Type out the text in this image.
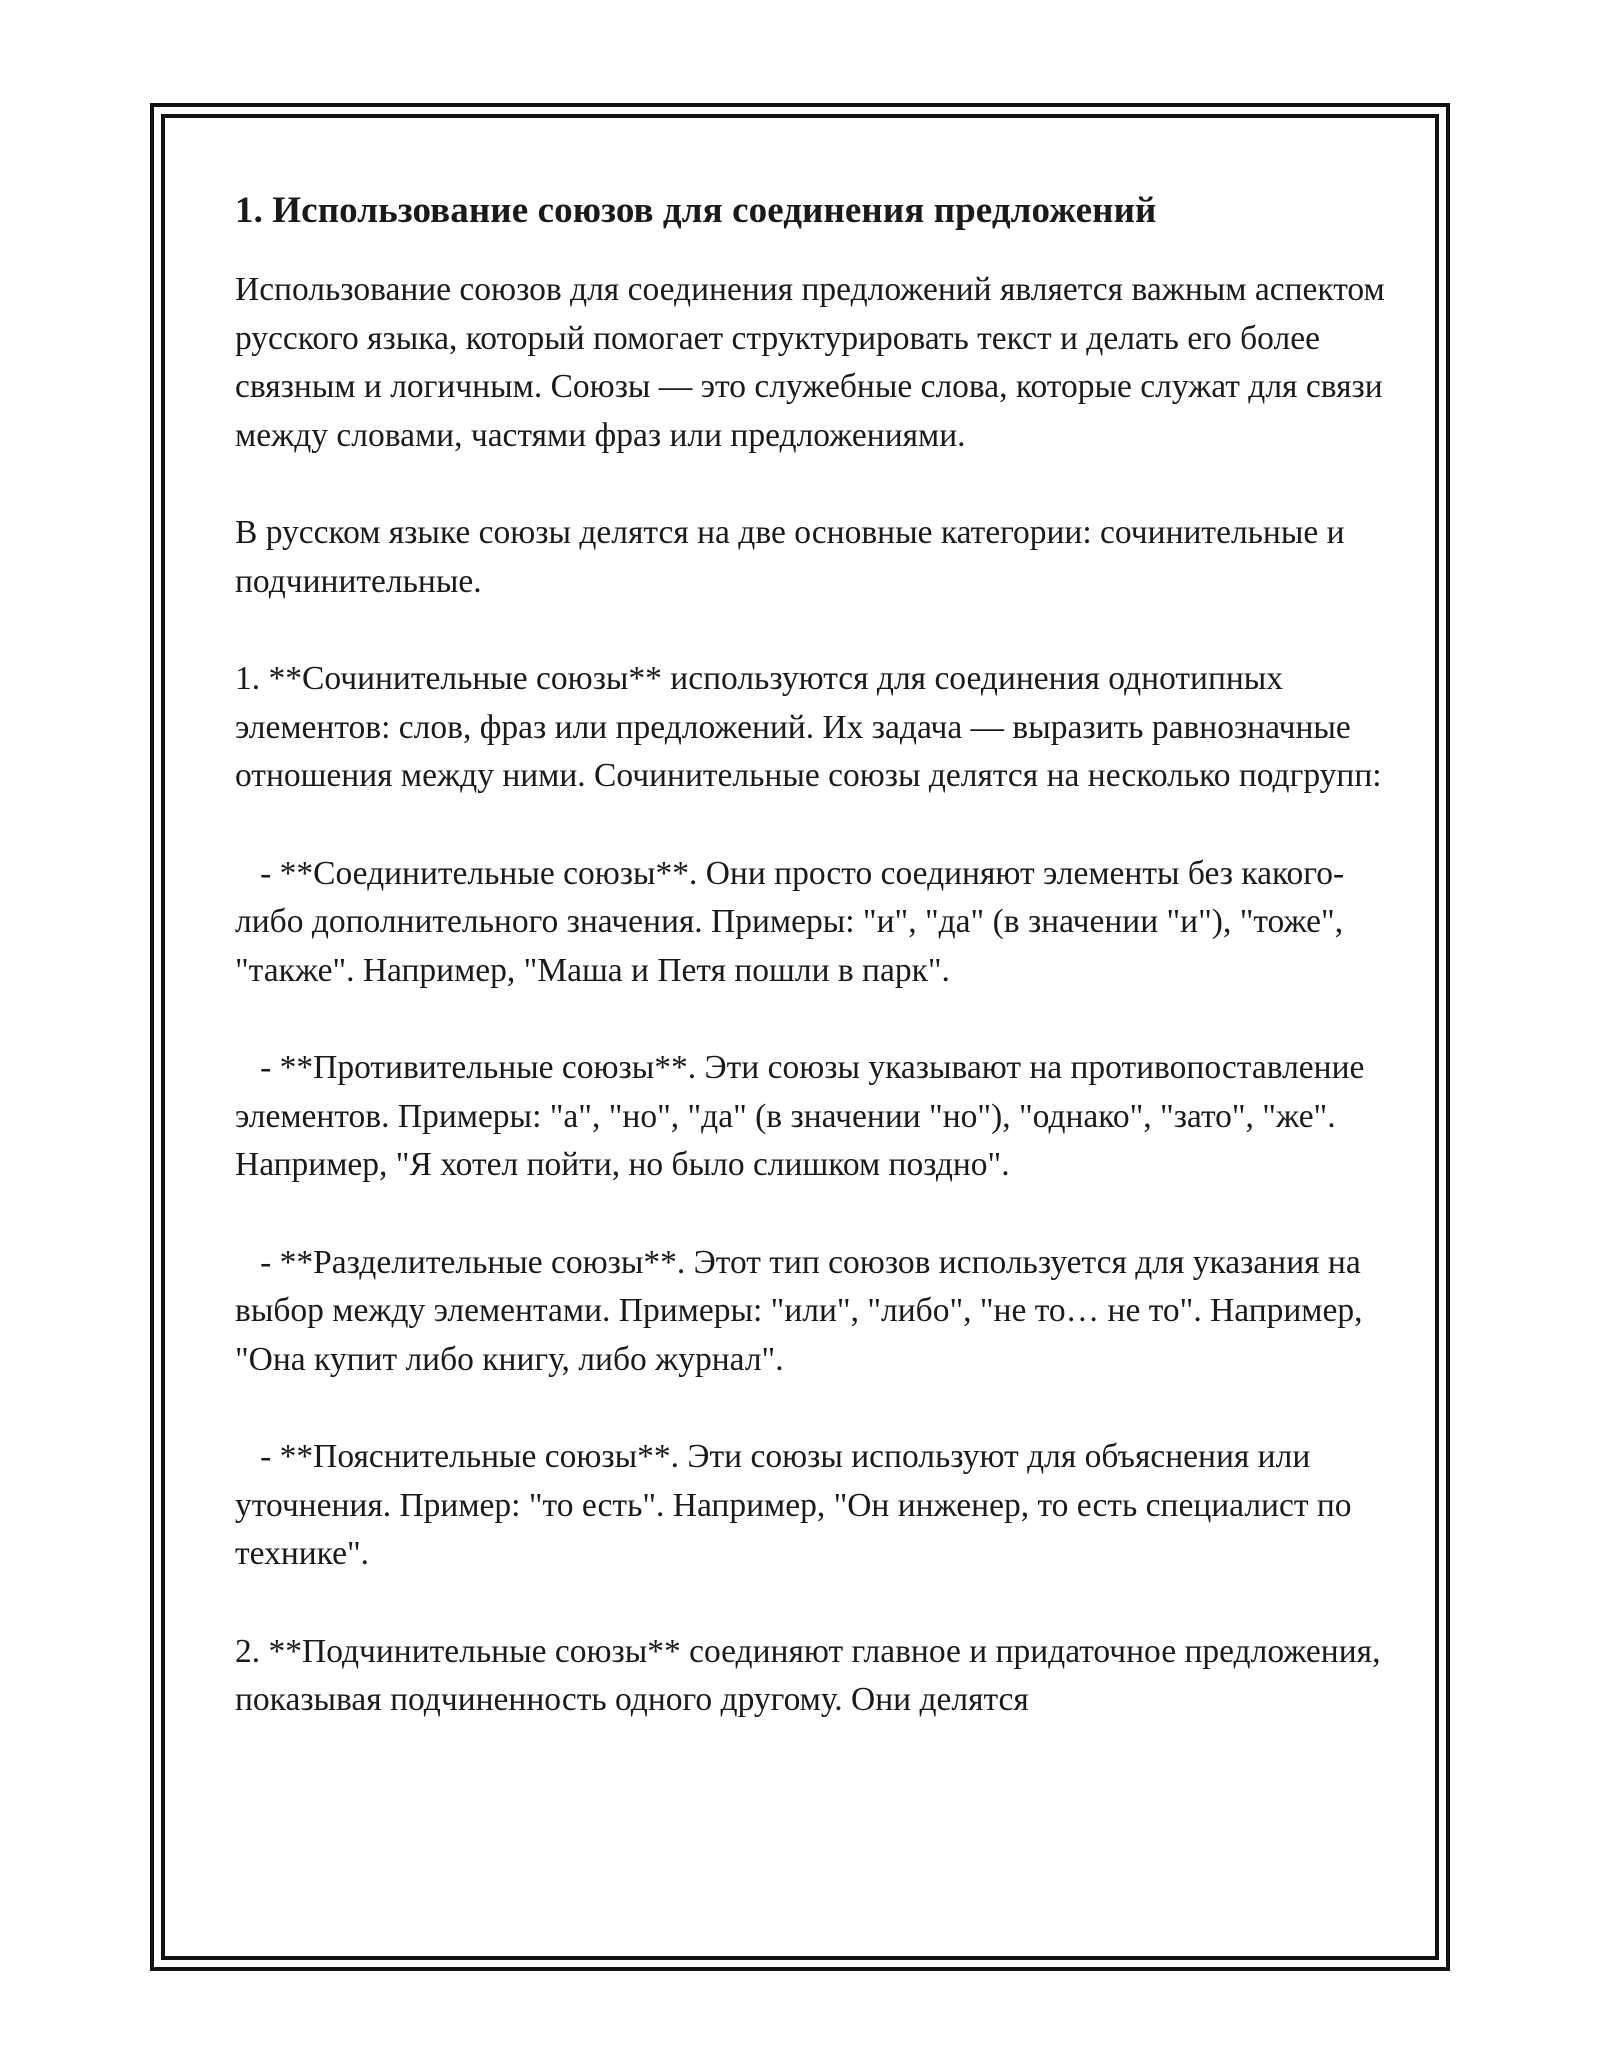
1. Использование союзов для соединения предложений

Использование союзов для соединения предложений является важным аспектом русского языка, который помогает структурировать текст и делать его более связным и логичным. Союзы — это служебные слова, которые служат для связи между словами, частями фраз или предложениями.

В русском языке союзы делятся на две основные категории: сочинительные и подчинительные.

1. **Сочинительные союзы** используются для соединения однотипных элементов: слов, фраз или предложений. Их задача — выразить равнозначные отношения между ними. Сочинительные союзы делятся на несколько подгрупп:

- **Соединительные союзы**. Они просто соединяют элементы без какого-либо дополнительного значения. Примеры: "и", "да" (в значении "и"), "тоже", "также". Например, "Маша и Петя пошли в парк".

- **Противительные союзы**. Эти союзы указывают на противопоставление элементов. Примеры: "а", "но", "да" (в значении "но"), "однако", "зато", "же". Например, "Я хотел пойти, но было слишком поздно".

- **Разделительные союзы**. Этот тип союзов используется для указания на выбор между элементами. Примеры: "или", "либо", "не то… не то". Например, "Она купит либо книгу, либо журнал".

- **Пояснительные союзы**. Эти союзы используют для объяснения или уточнения. Пример: "то есть". Например, "Он инженер, то есть специалист по технике".

2. **Подчинительные союзы** соединяют главное и придаточное предложения, показывая подчиненность одного другому. Они делятся
